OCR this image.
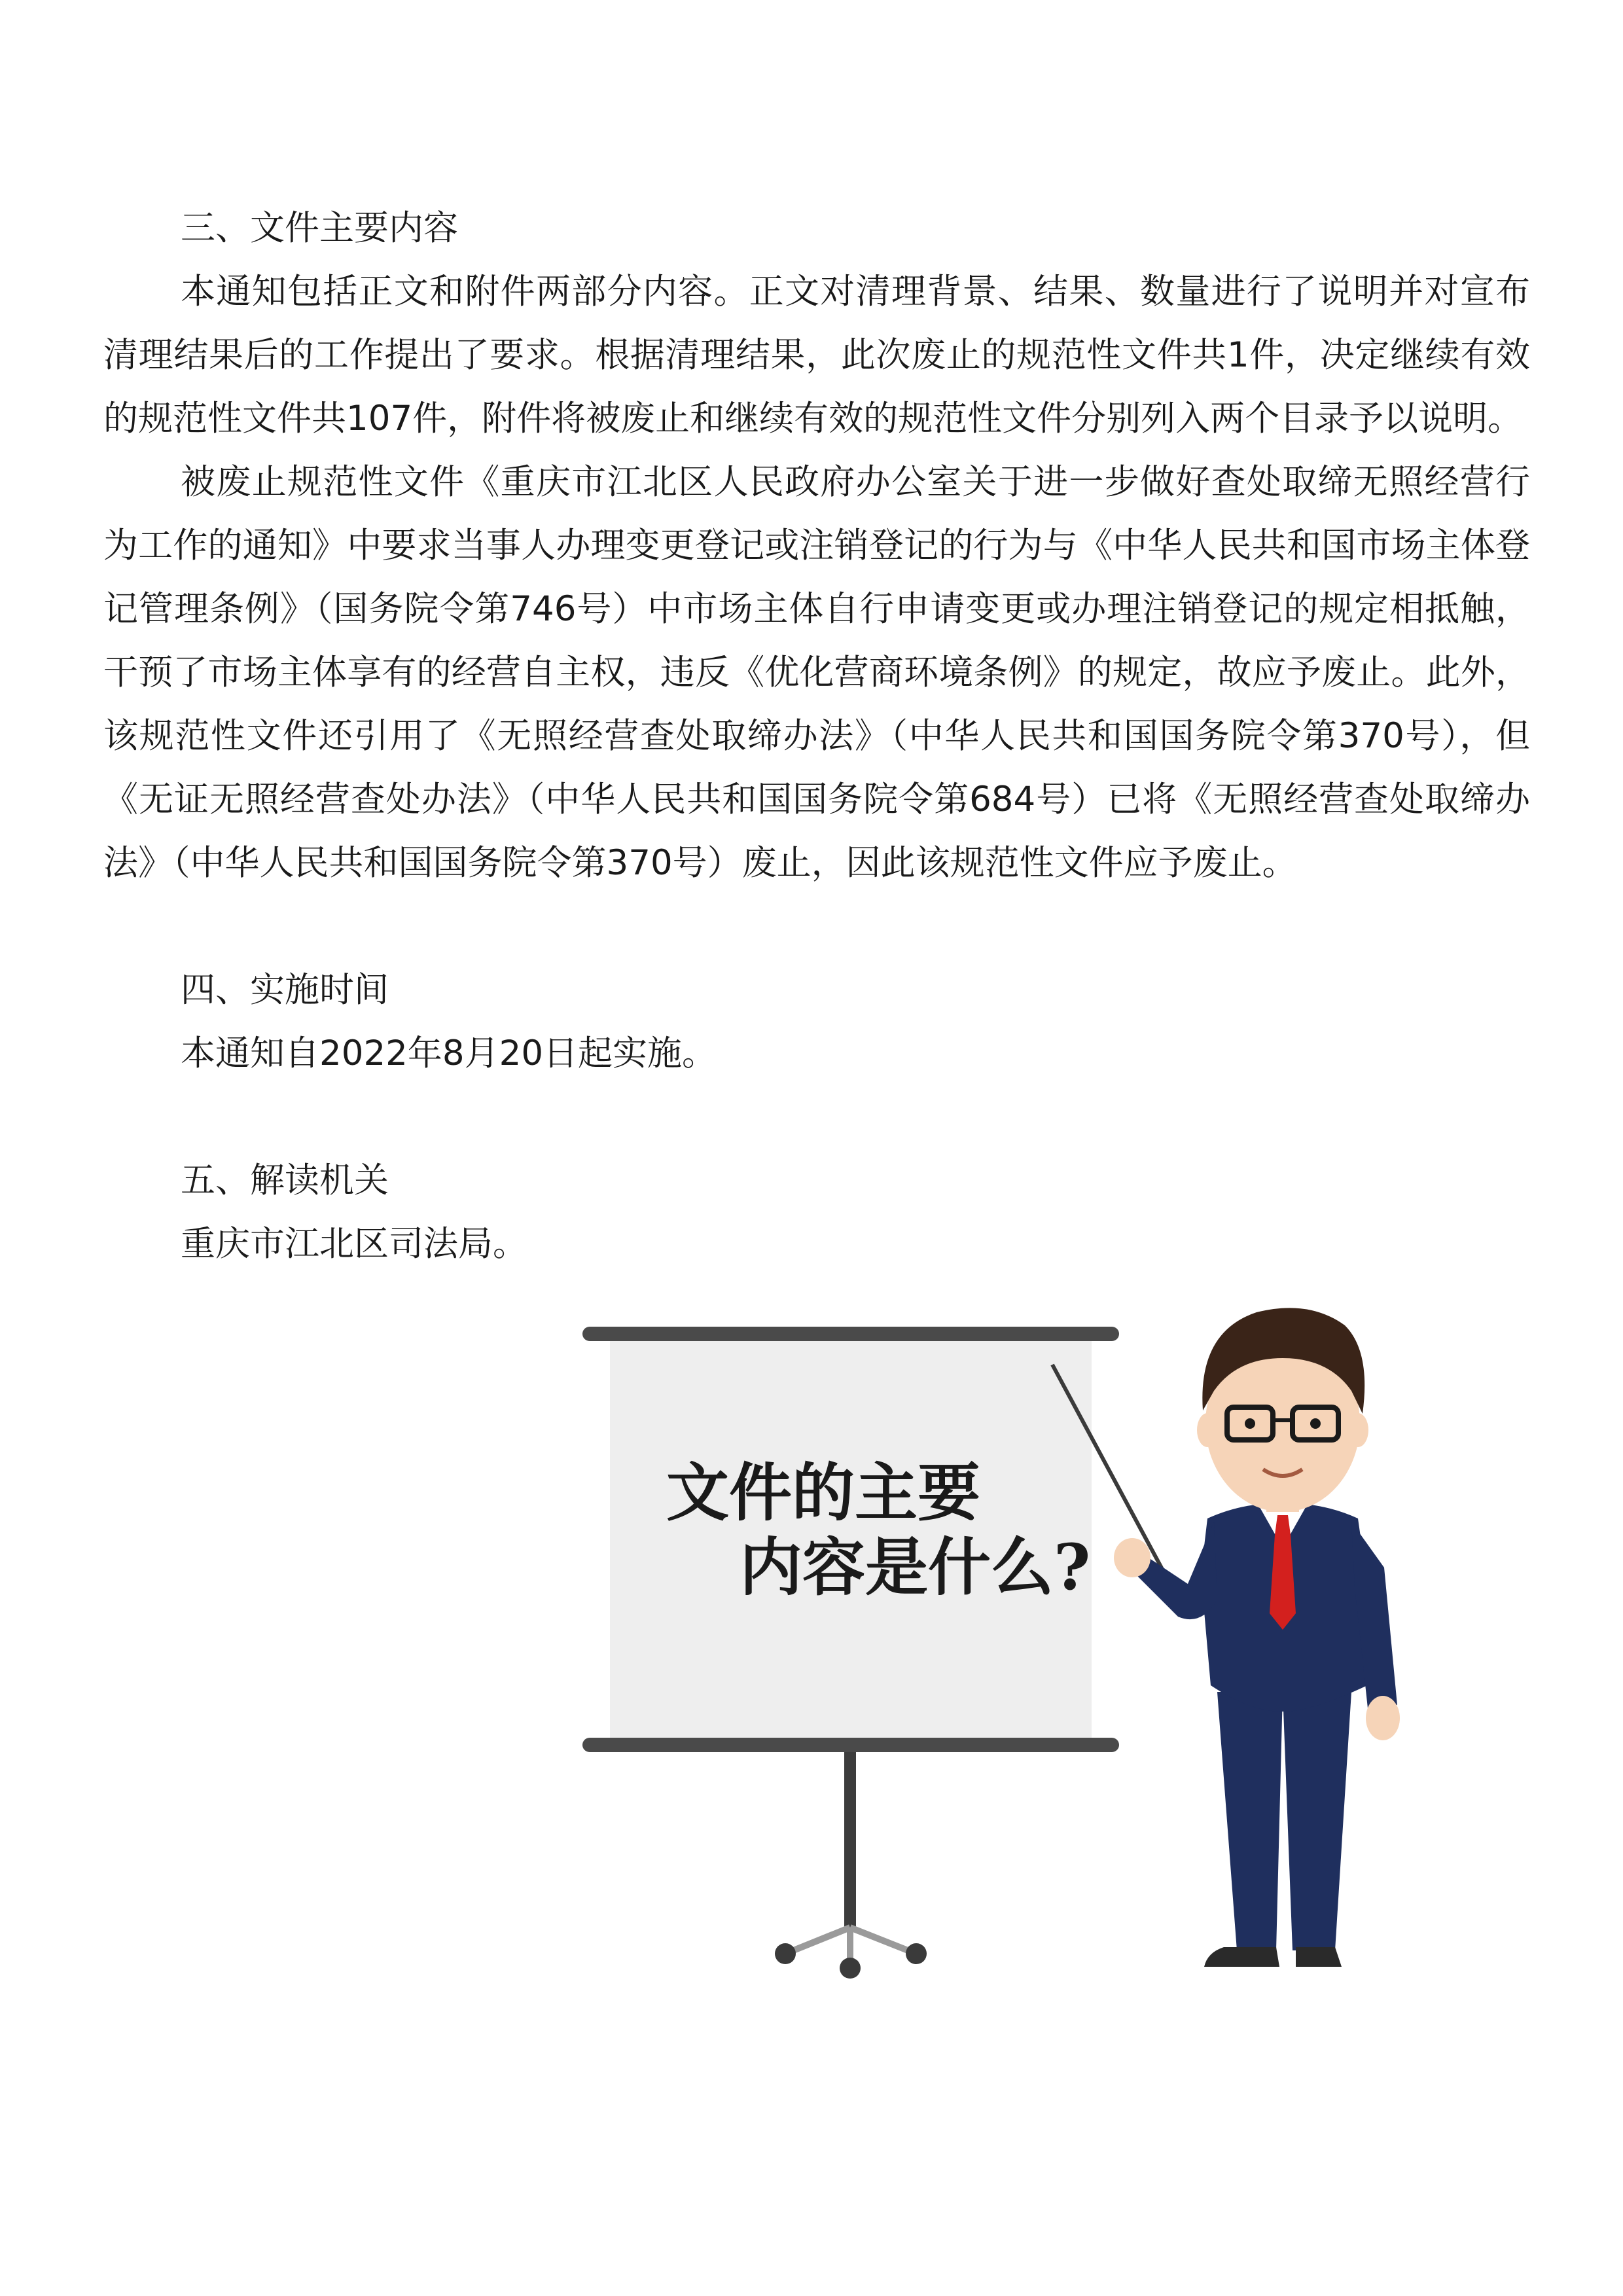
三、文件主要内容
本通知包括正文和附件两部分内容。正文对清理背景、结果、数量进行了说明并对宣布清理结果后的工作提出了要求。根据清理结果，此次废止的规范性文件共1件，决定继续有效的规范性文件共107件，附件将被废止和继续有效的规范性文件分别列入两个目录予以说明。
被废止规范性文件《重庆市江北区人民政府办公室关于进一步做好查处取缔无照经营行为工作的通知》中要求当事人办理变更登记或注销登记的行为与《中华人民共和国市场主体登记管理条例》（国务院令第746号）中市场主体自行申请变更或办理注销登记的规定相抵触，干预了市场主体享有的经营自主权，违反《优化营商环境条例》的规定，故应予废止。此外，该规范性文件还引用了《无照经营查处取缔办法》（中华人民共和国国务院令第370号），但《无证无照经营查处办法》（中华人民共和国国务院令第684号）已将《无照经营查处取缔办法》（中华人民共和国国务院令第370号）废止，因此该规范性文件应予废止。
四、实施时间
本通知自2022年8月20日起实施。
五、解读机关
重庆市江北区司法局。
文件的主要
内容是什么?
